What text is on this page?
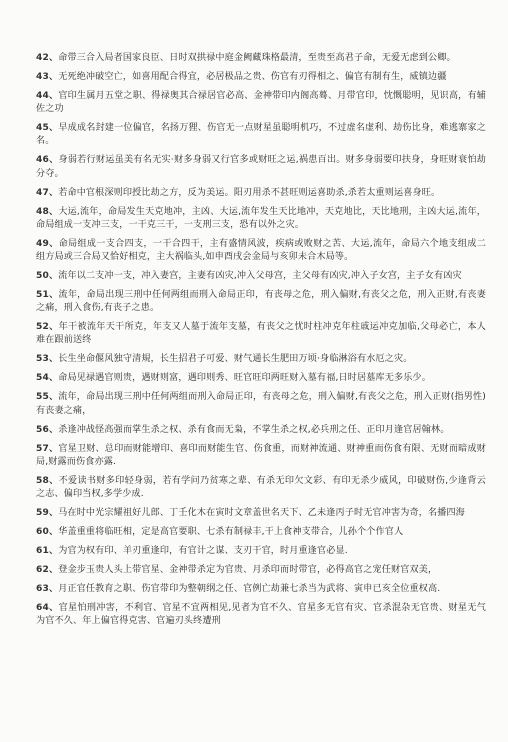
42、命带三合入局者国家良臣、日时双拱禄中庭金阙藏珠格最清，至贵至高君子命，无爱无虑到公卿。
43、无死绝冲破空亡，如喜用配合得宜，必居极品之贵、伤官有刃得相之、偏官有制有生，威镇边疆
44、官印生属月五堂之职、得禄奥其合禄居官必高、金神带印内阁高蓦、月带官印，忱慨聪明，见识高，有辅佐之功
45、早成成名封建一位偏官，名扬万狸、伤官无一点财星虽聪明机巧，不过虚名虚利、劫伤比身，难逃寨家之名。
46、身弱若行财运虽美有名无实·财多身弱又行官多或财旺之运,祸患百出。财多身弱要印扶身，身旺财衰怕劫分夺。
47、若命中官根深则印授比劫之方，反为美运。阳刃用杀不甚旺则运喜助杀,杀若太重则运喜身旺。
48、大运,流年，命局发生天克地冲，主凶、大运,流年发生天比地冲，天克地比，天比地刑，主凶大运,流年，命局组成一支冲三支，一干克三干，一支刑三支，恐有以外之灾。
49、命局组成一支合四支，一干合四干，主有盛情风波，疾病或败财之苦、大运,流年，命局六个地支组成二组方局或三合局又恰好相克，主大祸临头,如申酉戌会金局与亥卯未合木局等。
50、流年以二支冲一支，冲入妻宫，主妻有凶灾,冲入父母宫，主父母有凶灾,冲入子女宫，主子女有凶灾
51、流年，命局出现三刑中任何两组而刑入命局正印，有丧母之危，刑入偏财,有丧父之危，刑入正财,有丧妻之痛，刑入食伤,有丧子之患。
52、年干被流年天干所克，年支又人墓于流年支墓，有丧父之忧时柱冲克年柱戚运冲克加临,父母必亡，本人难在跟前送终
53、长生坐命偃风独守清規，长生招君子可爱、财气通长生肥田万顷·身临淋浴有水厄之灾。
54、命局见禄遇官则贵，遇财则富，遇印则秀、旺官旺印两旺财入墓有福,日时居墓库无多乐少。
55、流年，命局出现三刑中任何两组而刑入命局正印，有丧母之危，刑入偏财,有丧父之危，刑入正财(指男性)有丧妻之痛，
56、杀逢冲战怪高强而掌生杀之权、杀有食而无枭，不掌生杀之权,必兵刑之任、正印月逢官居翰林。
57、官星卫财、总印而财能增印、喜印而财能生官、伤食重，而财神流通、财神重而伤食有限、无财而暗成财局,财露而伤食亦露.
58、不爱读书财多印轻身弱，若有学问乃贫寒之辈、有杀无印欠文彩、有印无杀少威风，印破财伤,少逢背云之志、偏印当权,多学少成.
59、马在时中光宗耀祖好儿郎、丁壬化木在寅时文章盖世名天下、乙未逢丙子时无官冲害为奇，名播四海
60、华盖重重将临旺相，定是高官要职、七杀有制禄丰,干上食神支带合，儿孙个个作官人
61、为官为权有印、羊刃重逢印，有官计之谋、支刃干官，时月重逢官必显.
62、登金步玉贵人头上带官星、金神带杀定为官贵、月杀印而时带官，必得高官之宠任财官双美，
63、月正官任教育之职、伤官带印为整朝纲之任、官例亡劫兼七杀当为武将、寅申已亥全位重权高.
64、官星怕刑冲害，不利官、官星不宜两相见,见者为官不久、官星多无官有灾、官杀混杂无官贵、财星无气为官不久、年上偏官得克害、官遍刃头终遭刑
